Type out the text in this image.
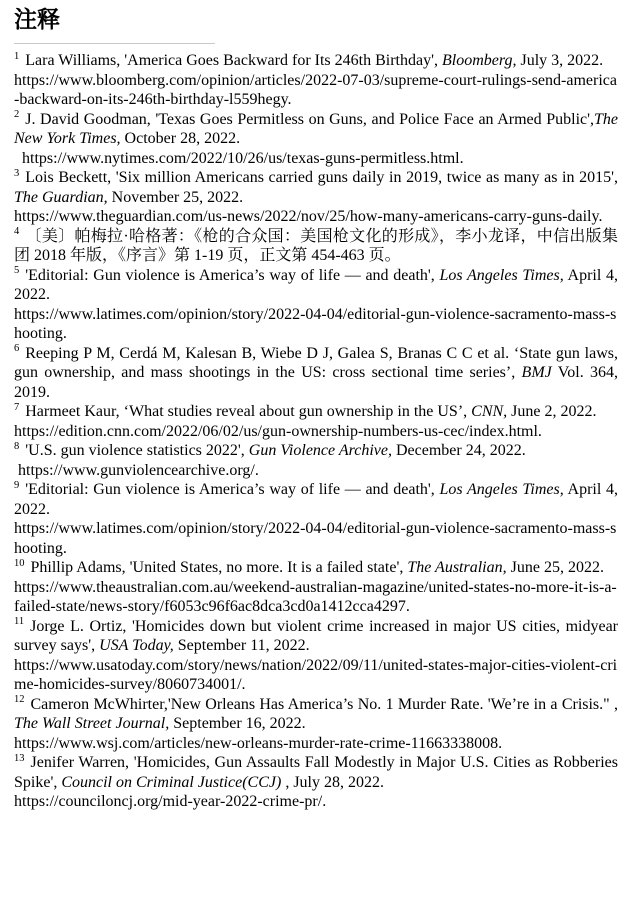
注释

$^1$ Lara Williams, 'America Goes Backward for Its 246th Birthday', Bloomberg, July 3, 2022.
https://www.bloomberg.com/opinion/articles/2022-07-03/supreme-court-rulings-send-america-backward-on-its-246th-birthday-l559hegy.

$^2$ J. David Goodman, 'Texas Goes Permitless on Guns, and Police Face an Armed Public',The New York Times, October 28, 2022.
https://www.nytimes.com/2022/10/26/us/texas-guns-permitless.html.

$^3$ Lois Beckett, 'Six million Americans carried guns daily in 2019, twice as many as in 2015', The Guardian, November 25, 2022.
https://www.theguardian.com/us-news/2022/nov/25/how-many-americans-carry-guns-daily.

$^4$ 〔美〕帕梅拉·哈格著：《枪的合众国：美国枪文化的形成》，李小龙译，中信出版集团 2018 年版，《序言》第 1-19 页，正文第 454-463 页。

$^5$ 'Editorial: Gun violence is America’s way of life — and death', Los Angeles Times, April 4, 2022.
https://www.latimes.com/opinion/story/2022-04-04/editorial-gun-violence-sacramento-mass-shooting.

$^6$ Reeping P M, Cerdá M, Kalesan B, Wiebe D J, Galea S, Branas C C et al. ‘State gun laws, gun ownership, and mass shootings in the US: cross sectional time series’, BMJ Vol. 364, 2019.

$^7$ Harmeet Kaur, ‘What studies reveal about gun ownership in the US’, CNN, June 2, 2022.
https://edition.cnn.com/2022/06/02/us/gun-ownership-numbers-us-cec/index.html.

$^8$ 'U.S. gun violence statistics 2022', Gun Violence Archive, December 24, 2022.
https://www.gunviolencearchive.org/.

$^9$ 'Editorial: Gun violence is America’s way of life — and death', Los Angeles Times, April 4, 2022.
https://www.latimes.com/opinion/story/2022-04-04/editorial-gun-violence-sacramento-mass-shooting.

$^{10}$ Phillip Adams, 'United States, no more. It is a failed state', The Australian, June 25, 2022.
https://www.theaustralian.com.au/weekend-australian-magazine/united-states-no-more-it-is-a-failed-state/news-story/f6053c96f6ac8dca3cd0a1412cca4297.

$^{11}$ Jorge L. Ortiz, 'Homicides down but violent crime increased in major US cities, midyear survey says', USA Today, September 11, 2022.
https://www.usatoday.com/story/news/nation/2022/09/11/united-states-major-cities-violent-crime-homicides-survey/8060734001/.

$^{12}$ Cameron McWhirter,'New Orleans Has America’s No. 1 Murder Rate. 'We’re in a Crisis." , The Wall Street Journal, September 16, 2022.
https://www.wsj.com/articles/new-orleans-murder-rate-crime-11663338008.

$^{13}$ Jenifer Warren, 'Homicides, Gun Assaults Fall Modestly in Major U.S. Cities as Robberies Spike', Council on Criminal Justice(CCJ) , July 28, 2022.
https://counciloncj.org/mid-year-2022-crime-pr/.
